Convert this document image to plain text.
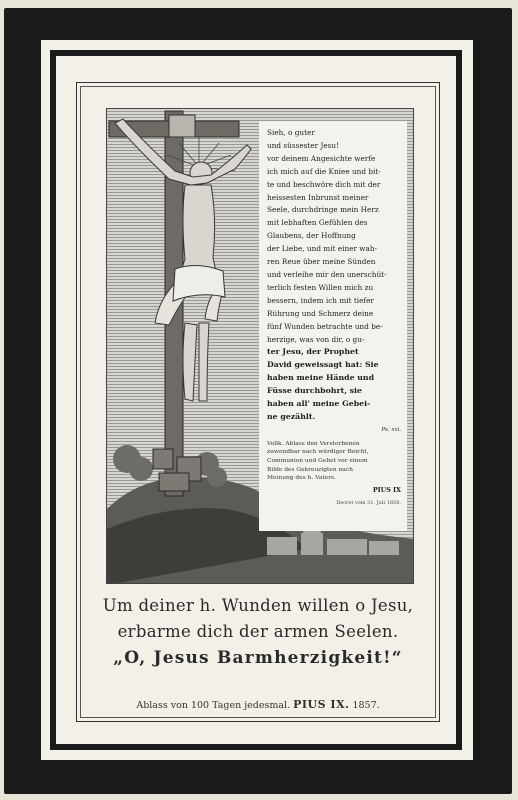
Sieh, o guter
und süssester Jesu!
vor deinem Angesichte werfe
ich mich auf die Kniee und bit-
te und beschwöre dich mit der
heissesten Inbrunst meiner
Seele, durchdringe mein Herz
mit lebhaften Gefühlen des
Glaubens, der Hoffnung
der Liebe, und mit einer wah-
ren Reue über meine Sünden
und verleihe mir den unerschüt-
terlich festen Willen mich zu
bessern, indem ich mit tiefer
Rührung und Schmerz deine
fünf Wunden betrachte und be-
herzige, was von dir, o gu-

ter Jesu, der Prophet
David geweissagt hat: Sie
haben meine Hände und
Füsse durchbohrt, sie
haben all' meine Gebei-
ne gezählt.

Ps. xxi.
Vollk. Ablass den Verstorbenen
zuwendbar nach würdiger Beicht,
Communion und Gebet vor einem
Bilde des Gekreuzigten nach
Meinung des h. Vaters.
PIUS IX
Decret vom 31. Juli 1858.

Um deiner h. Wunden willen o Jesu,

erbarme dich der armen Seelen.

„O, Jesus Barmherzigkeit!“

Ablass von 100 Tagen jedesmal. PIUS IX. 1857.
